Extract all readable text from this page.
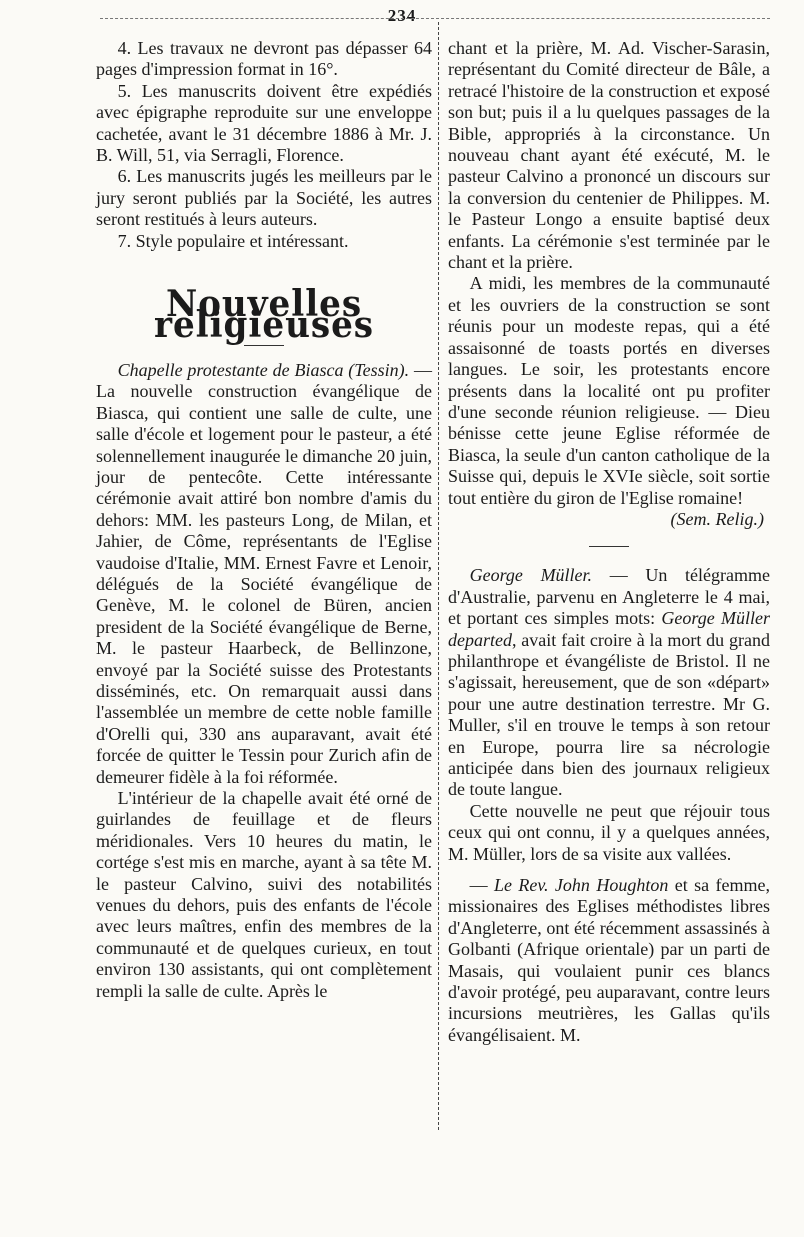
234

4. Les travaux ne devront pas dépasser 64 pages d'impression format in 16°.

5. Les manuscrits doivent être expédiés avec épigraphe reproduite sur une enveloppe cachetée, avant le 31 décembre 1886 à Mr. J. B. Will, 51, via Serragli, Florence.

6. Les manuscrits jugés les meilleurs par le jury seront publiés par la Société, les autres seront restitués à leurs auteurs.

7. Style populaire et intéressant.

Nouvelles religieuses

Chapelle protestante de Biasca (Tessin). — La nouvelle construction évangélique de Biasca, qui contient une salle de culte, une salle d'école et logement pour le pasteur, a été solennellement inaugurée le dimanche 20 juin, jour de pentecôte. Cette intéressante cérémonie avait attiré bon nombre d'amis du dehors: MM. les pasteurs Long, de Milan, et Jahier, de Côme, représentants de l'Eglise vaudoise d'Italie, MM. Ernest Favre et Lenoir, délégués de la Société évangélique de Genève, M. le colonel de Büren, ancien president de la Société évangélique de Berne, M. le pasteur Haarbeck, de Bellinzone, envoyé par la Société suisse des Protestants disséminés, etc. On remarquait aussi dans l'assemblée un membre de cette noble famille d'Orelli qui, 330 ans auparavant, avait été forcée de quitter le Tessin pour Zurich afin de demeurer fidèle à la foi réformée.

L'intérieur de la chapelle avait été orné de guirlandes de feuillage et de fleurs méridionales. Vers 10 heures du matin, le cortége s'est mis en marche, ayant à sa tête M. le pasteur Calvino, suivi des notabilités venues du dehors, puis des enfants de l'école avec leurs maîtres, enfin des membres de la communauté et de quelques curieux, en tout environ 130 assistants, qui ont complètement rempli la salle de culte. Après le

chant et la prière, M. Ad. Vischer-Sarasin, représentant du Comité directeur de Bâle, a retracé l'histoire de la construction et exposé son but; puis il a lu quelques passages de la Bible, appropriés à la circonstance. Un nouveau chant ayant été exécuté, M. le pasteur Calvino a prononcé un discours sur la conversion du centenier de Philippes. M. le Pasteur Longo a ensuite baptisé deux enfants. La cérémonie s'est terminée par le chant et la prière.

A midi, les membres de la communauté et les ouvriers de la construction se sont réunis pour un modeste repas, qui a été assaisonné de toasts portés en diverses langues. Le soir, les protestants encore présents dans la localité ont pu profiter d'une seconde réunion religieuse. — Dieu bénisse cette jeune Eglise réformée de Biasca, la seule d'un canton catholique de la Suisse qui, depuis le XVIe siècle, soit sortie tout entière du giron de l'Eglise romaine!

(Sem. Relig.)

George Müller. — Un télégramme d'Australie, parvenu en Angleterre le 4 mai, et portant ces simples mots: George Müller departed, avait fait croire à la mort du grand philanthrope et évangéliste de Bristol. Il ne s'agissait, hereusement, que de son «départ» pour une autre destination terrestre. Mr G. Muller, s'il en trouve le temps à son retour en Europe, pourra lire sa nécrologie anticipée dans bien des journaux religieux de toute langue.

Cette nouvelle ne peut que réjouir tous ceux qui ont connu, il y a quelques années, M. Müller, lors de sa visite aux vallées.

— Le Rev. John Houghton et sa femme, missionaires des Eglises méthodistes libres d'Angleterre, ont été récemment assassinés à Golbanti (Afrique orientale) par un parti de Masais, qui voulaient punir ces blancs d'avoir protégé, peu auparavant, contre leurs incursions meutrières, les Gallas qu'ils évangélisaient. M.
